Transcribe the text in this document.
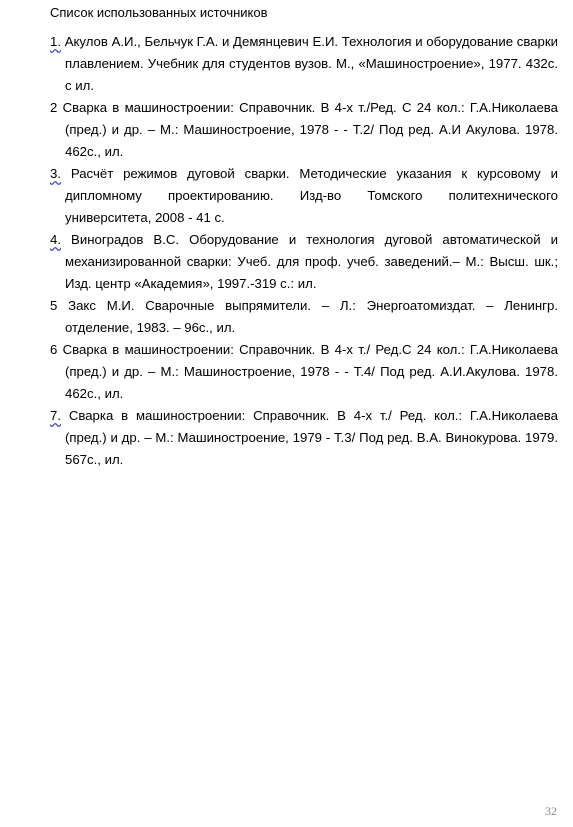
Список использованных источников
1. Акулов А.И., Бельчук Г.А. и Демянцевич Е.И. Технология и оборудование сварки плавлением. Учебник для студентов вузов. М., «Машиностроение», 1977. 432с. с ил.
2 Сварка в машиностроении: Справочник. В 4-х т./Ред. С 24 кол.: Г.А.Николаева (пред.) и др. – М.: Машиностроение, 1978 - - Т.2/ Под ред. А.И Акулова. 1978. 462с., ил.
3. Расчёт режимов дуговой сварки. Методические указания к курсовому и дипломному проектированию. Изд-во Томского политехнического университета, 2008 - 41 с.
4. Виноградов В.С. Оборудование и технология дуговой автоматической и механизированной сварки: Учеб. для проф. учеб. заведений.– М.: Высш. шк.; Изд. центр «Академия», 1997.-319 с.: ил.
5 Закс М.И. Сварочные выпрямители. – Л.: Энергоатомиздат. – Ленингр. отделение, 1983. – 96с., ил.
6 Сварка в машиностроении: Справочник. В 4-х т./ Ред.С 24 кол.: Г.А.Николаева (пред.) и др. – М.: Машиностроение, 1978 - - Т.4/ Под ред. А.И.Акулова. 1978. 462с., ил.
7. Сварка в машиностроении: Справочник. В 4-х т./ Ред. кол.: Г.А.Николаева (пред.) и др. – М.: Машиностроение, 1979 - Т.3/ Под ред. В.А. Винокурова. 1979. 567с., ил.
32
